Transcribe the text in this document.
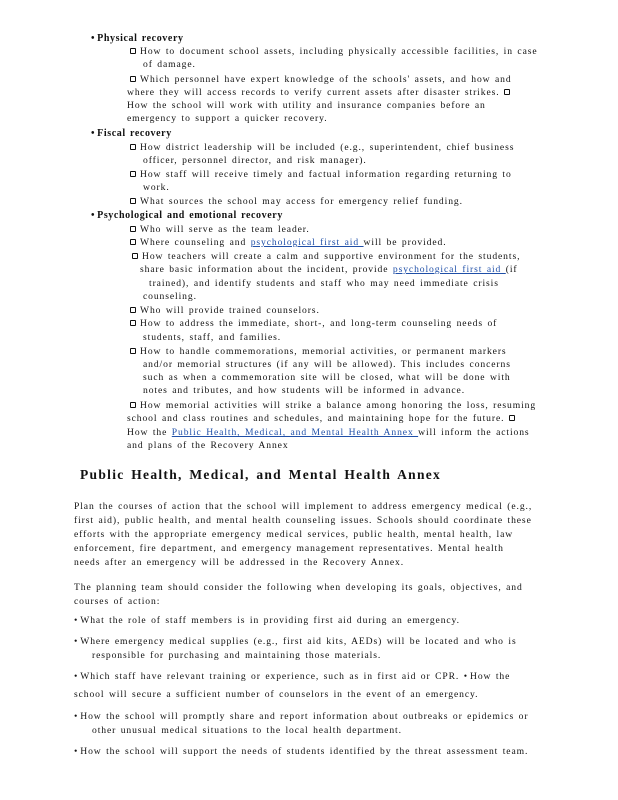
• Physical recovery
How to document school assets, including physically accessible facilities, in case
of damage.
Which personnel have expert knowledge of the schools' assets, and how and
where they will access records to verify current assets after disaster strikes.
How the school will work with utility and insurance companies before an
emergency to support a quicker recovery.
• Fiscal recovery
How district leadership will be included (e.g., superintendent, chief business
officer, personnel director, and risk manager).
How staff will receive timely and factual information regarding returning to
work.
What sources the school may access for emergency relief funding.
• Psychological and emotional recovery
Who will serve as the team leader.
Where counseling and psychological first aid will be provided.
How teachers will create a calm and supportive environment for the students,
share basic information about the incident, provide psychological first aid (if
trained), and identify students and staff who may need immediate crisis
counseling.
Who will provide trained counselors.
How to address the immediate, short-, and long-term counseling needs of
students, staff, and families.
How to handle commemorations, memorial activities, or permanent markers
and/or memorial structures (if any will be allowed). This includes concerns
such as when a commemoration site will be closed, what will be done with
notes and tributes, and how students will be informed in advance.
How memorial activities will strike a balance among honoring the loss, resuming
school and class routines and schedules, and maintaining hope for the future.
How the Public Health, Medical, and Mental Health Annex will inform the actions
and plans of the Recovery Annex
Public Health, Medical, and Mental Health Annex
Plan the courses of action that the school will implement to address emergency medical (e.g.,
first aid), public health, and mental health counseling issues. Schools should coordinate these
efforts with the appropriate emergency medical services, public health, mental health, law
enforcement, fire department, and emergency management representatives. Mental health
needs after an emergency will be addressed in the Recovery Annex.
The planning team should consider the following when developing its goals, objectives, and
courses of action:
• What the role of staff members is in providing first aid during an emergency.
• Where emergency medical supplies (e.g., first aid kits, AEDs) will be located and who is
responsible for purchasing and maintaining those materials.
• Which staff have relevant training or experience, such as in first aid or CPR. • How the
school will secure a sufficient number of counselors in the event of an emergency.
• How the school will promptly share and report information about outbreaks or epidemics or
other unusual medical situations to the local health department.
• How the school will support the needs of students identified by the threat assessment team.
